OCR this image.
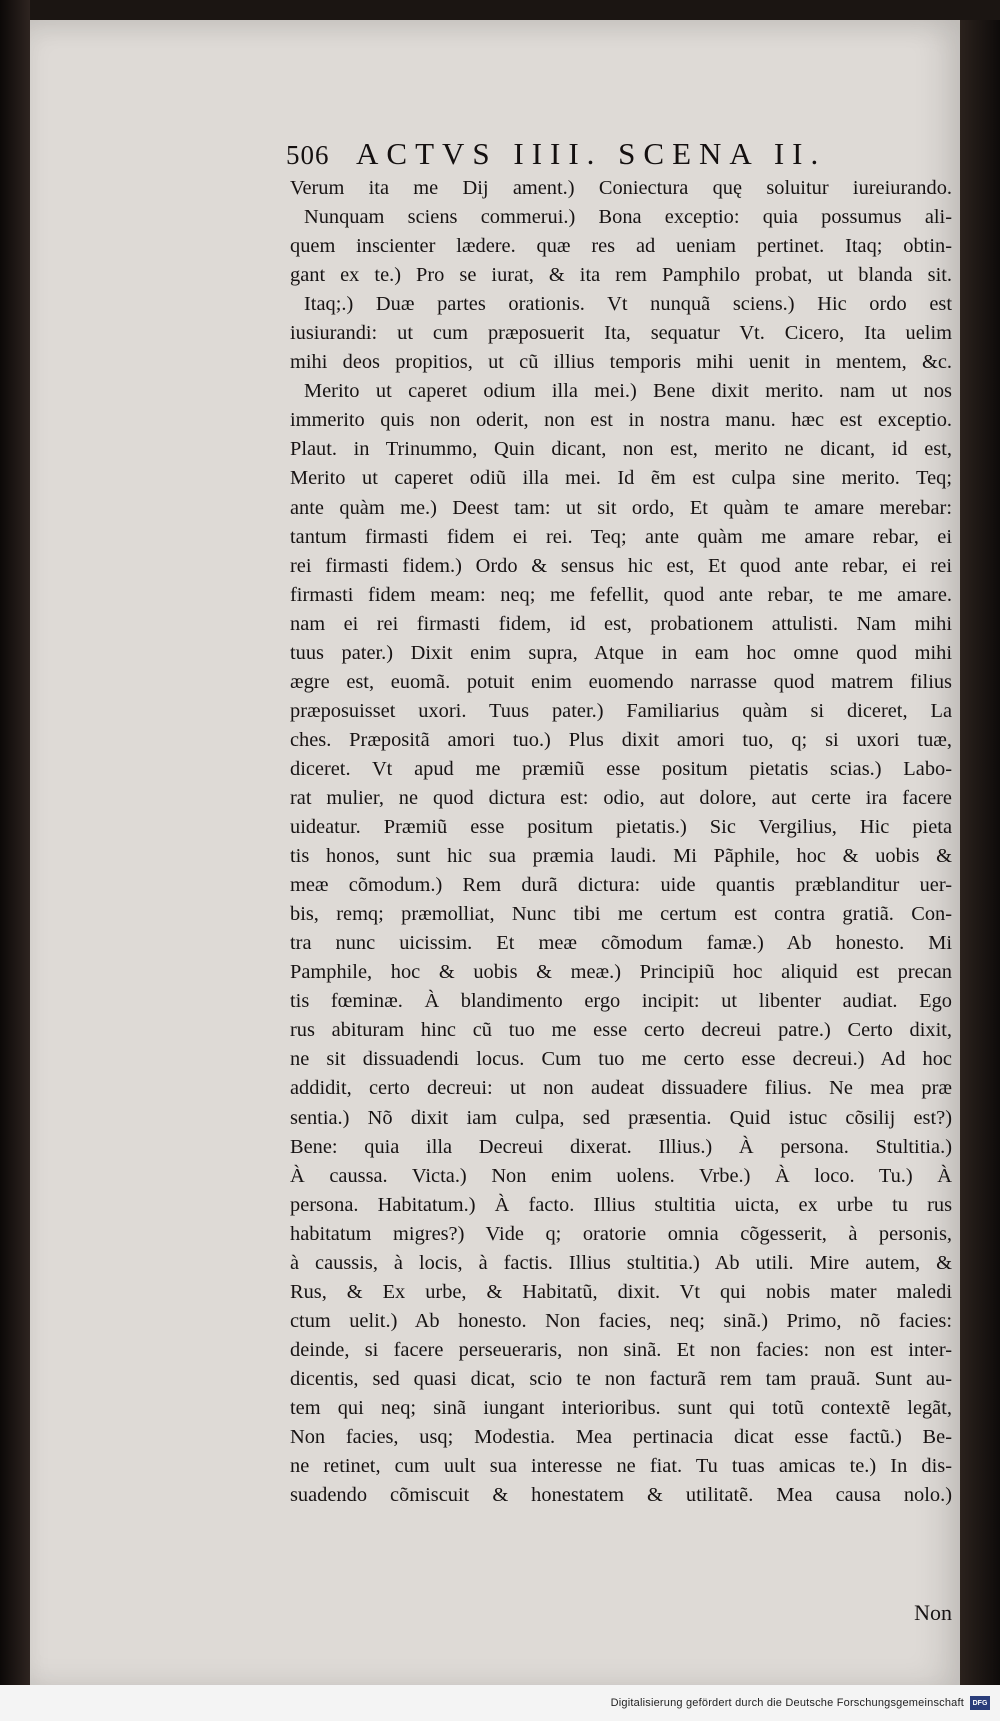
506 ACTVS IIII. SCENA II.
Verum ita me Dij ament.) Coniectura quę soluitur iureiurando.
Nunquam sciens commerui.) Bona exceptio: quia possumus ali-
quem inscienter lædere. quæ res ad ueniam pertinet. Itaq; obtin-
gant ex te.) Pro se iurat, & ita rem Pamphilo probat, ut blanda sit.
Itaq;.) Duæ partes orationis. Vt nunquã sciens.) Hic ordo est
iusiurandi: ut cum præposuerit Ita, sequatur Vt. Cicero, Ita uelim
mihi deos propitios, ut cũ illius temporis mihi uenit in mentem, &c.
Merito ut caperet odium illa mei.) Bene dixit merito. nam ut nos
immerito quis non oderit, non est in nostra manu. hæc est exceptio.
Plaut. in Trinummo, Quin dicant, non est, merito ne dicant, id est,
Merito ut caperet odiũ illa mei. Id ẽm est culpa sine merito. Teq;
ante quàm me.) Deest tam: ut sit ordo, Et quàm te amare merebar:
tantum firmasti fidem ei rei. Teq; ante quàm me amare rebar, ei
rei firmasti fidem.) Ordo & sensus hic est, Et quod ante rebar, ei rei
firmasti fidem meam: neq; me fefellit, quod ante rebar, te me amare.
nam ei rei firmasti fidem, id est, probationem attulisti. Nam mihi
tuus pater.) Dixit enim supra, Atque in eam hoc omne quod mihi
ægre est, euomã. potuit enim euomendo narrasse quod matrem filius
præposuisset uxori. Tuus pater.) Familiarius quàm si diceret, La
ches. Præpositã amori tuo.) Plus dixit amori tuo, q; si uxori tuæ,
diceret. Vt apud me præmiũ esse positum pietatis scias.) Labo-
rat mulier, ne quod dictura est: odio, aut dolore, aut certe ira facere
uideatur. Præmiũ esse positum pietatis.) Sic Vergilius, Hic pieta
tis honos, sunt hic sua præmia laudi. Mi Pãphile, hoc & uobis &
meæ cõmodum.) Rem durã dictura: uide quantis præblanditur uer-
bis, remq; præmolliat, Nunc tibi me certum est contra gratiã. Con-
tra nunc uicissim. Et meæ cõmodum famæ.) Ab honesto. Mi
Pamphile, hoc & uobis & meæ.) Principiũ hoc aliquid est precan
tis fœminæ. À blandimento ergo incipit: ut libenter audiat. Ego
rus abituram hinc cũ tuo me esse certo decreui patre.) Certo dixit,
ne sit dissuadendi locus. Cum tuo me certo esse decreui.) Ad hoc
addidit, certo decreui: ut non audeat dissuadere filius. Ne mea præ
sentia.) Nõ dixit iam culpa, sed præsentia. Quid istuc cõsilij est?)
Bene: quia illa Decreui dixerat. Illius.) À persona. Stultitia.)
À caussa. Victa.) Non enim uolens. Vrbe.) À loco. Tu.) À
persona. Habitatum.) À facto. Illius stultitia uicta, ex urbe tu rus
habitatum migres?) Vide q; oratorie omnia cõgesserit, à personis,
à caussis, à locis, à factis. Illius stultitia.) Ab utili. Mire autem, &
Rus, & Ex urbe, & Habitatũ, dixit. Vt qui nobis mater maledi
ctum uelit.) Ab honesto. Non facies, neq; sinã.) Primo, nõ facies:
deinde, si facere perseueraris, non sinã. Et non facies: non est inter-
dicentis, sed quasi dicat, scio te non facturã rem tam prauã. Sunt au-
tem qui neq; sinã iungant interioribus. sunt qui totũ contextẽ legãt,
Non facies, usq; Modestia. Mea pertinacia dicat esse factũ.) Be-
ne retinet, cum uult sua interesse ne fiat. Tu tuas amicas te.) In dis-
suadendo cõmiscuit & honestatem & utilitatẽ. Mea causa nolo.)
Non
Digitalisierung gefördert durch die Deutsche Forschungsgemeinschaft	DFG
